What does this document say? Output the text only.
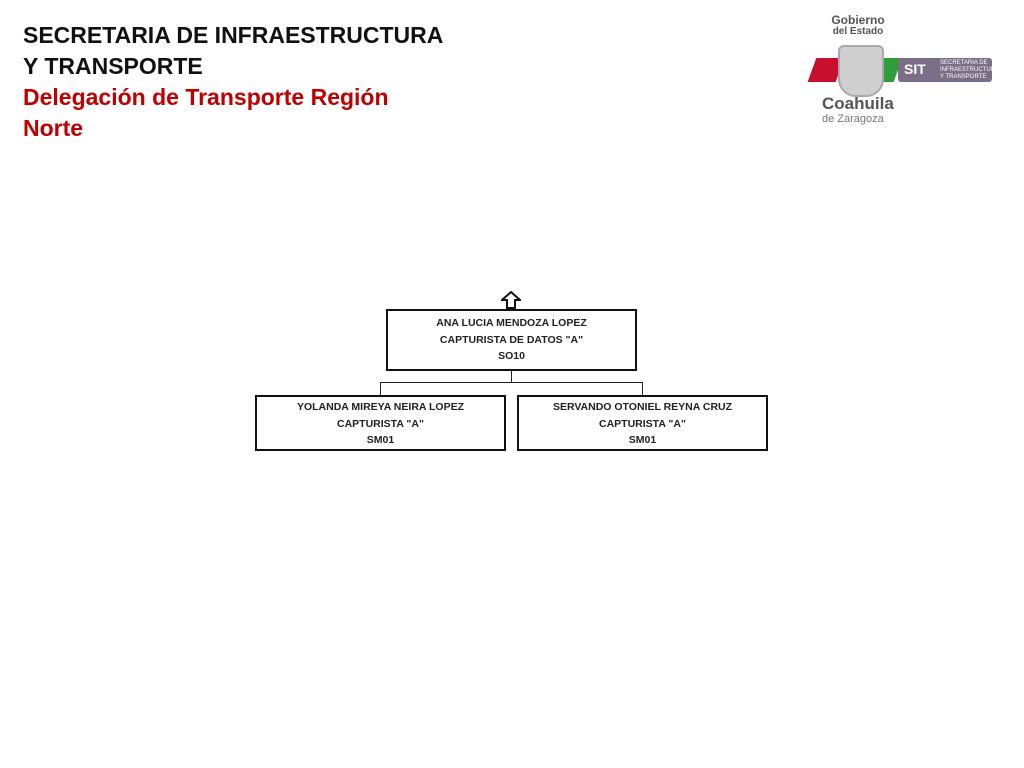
SECRETARIA DE INFRAESTRUCTURA
Y TRANSPORTE
Delegación de Transporte Región
Norte
Gobierno
del Estado
SIT SECRETARIA DE INFRAESTRUCTURA Y TRANSPORTE
Coahuila
de Zaragoza
ANA LUCIA MENDOZA LOPEZ
CAPTURISTA DE DATOS "A"
SO10
YOLANDA MIREYA NEIRA LOPEZ
CAPTURISTA "A"
SM01
SERVANDO OTONIEL REYNA CRUZ
CAPTURISTA "A"
SM01
